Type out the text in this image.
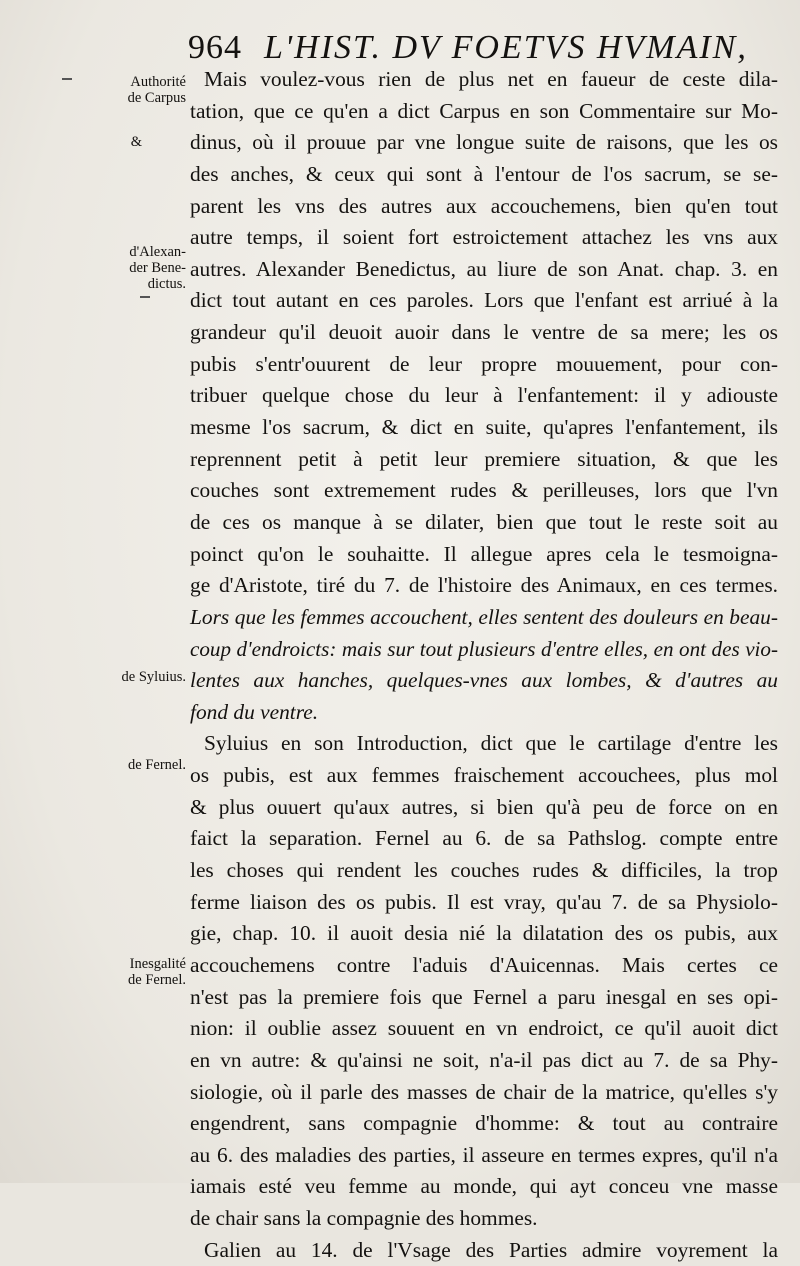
964 L'HIST. DV FOETVS HVMAIN,
Authorité
de Carpus
&
d'Alexan-
der Bene-
dictus.
de Syluius.
de Fernel.
Inesgalité
de Fernel.
Mais voulez-vous rien de plus net en faueur de ceste dila-
tation, que ce qu'en a dict Carpus en son Commentaire sur Mo-
dinus, où il prouue par vne longue suite de raisons, que les os
des anches, & ceux qui sont à l'entour de l'os sacrum, se se-
parent les vns des autres aux accouchemens, bien qu'en tout
autre temps, il soient fort estroictement attachez les vns aux
autres. Alexander Benedictus, au liure de son Anat. chap. 3. en
dict tout autant en ces paroles. Lors que l'enfant est arriué à la
grandeur qu'il deuoit auoir dans le ventre de sa mere; les os
pubis s'entr'ouurent de leur propre mouuement, pour con-
tribuer quelque chose du leur à l'enfantement: il y adiouste
mesme l'os sacrum, & dict en suite, qu'apres l'enfantement, ils
reprennent petit à petit leur premiere situation, & que les
couches sont extremement rudes & perilleuses, lors que l'vn
de ces os manque à se dilater, bien que tout le reste soit au
poinct qu'on le souhaitte. Il allegue apres cela le tesmoigna-
ge d'Aristote, tiré du 7. de l'histoire des Animaux, en ces termes.
Lors que les femmes accouchent, elles sentent des douleurs en beau-
coup d'endroicts: mais sur tout plusieurs d'entre elles, en ont des vio-
lentes aux hanches, quelques-vnes aux lombes, & d'autres au
fond du ventre.
Syluius en son Introduction, dict que le cartilage d'entre les
os pubis, est aux femmes fraischement accouchees, plus mol
& plus ouuert qu'aux autres, si bien qu'à peu de force on en
faict la separation. Fernel au 6. de sa Pathslog. compte entre
les choses qui rendent les couches rudes & difficiles, la trop
ferme liaison des os pubis. Il est vray, qu'au 7. de sa Physiolo-
gie, chap. 10. il auoit desia nié la dilatation des os pubis, aux
accouchemens contre l'aduis d'Auicennas. Mais certes ce
n'est pas la premiere fois que Fernel a paru inesgal en ses opi-
nion: il oublie assez souuent en vn endroict, ce qu'il auoit dict
en vn autre: & qu'ainsi ne soit, n'a-il pas dict au 7. de sa Phy-
siologie, où il parle des masses de chair de la matrice, qu'elles s'y
engendrent, sans compagnie d'homme: & tout au contraire
au 6. des maladies des parties, il asseure en termes expres, qu'il n'a
iamais esté veu femme au monde, qui ayt conceu vne masse
de chair sans la compagnie des hommes.
Galien au 14. de l'Vsage des Parties admire voyrement la
